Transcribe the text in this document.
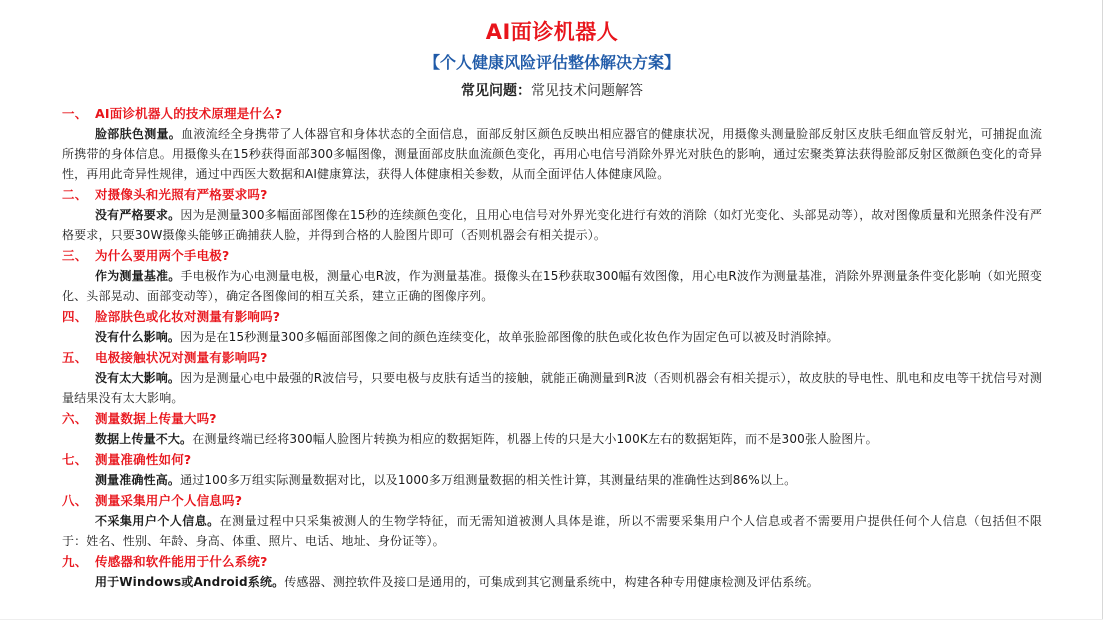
AI面诊机器人
【个人健康风险评估整体解决方案】
常见问题：常见技术问题解答
一、 AI面诊机器人的技术原理是什么?

脸部肤色测量。血液流经全身携带了人体器官和身体状态的全面信息，面部反射区颜色反映出相应器官的健康状况，用摄像头测量脸部反射区皮肤毛细血管反射光，可捕捉血流所携带的身体信息。用摄像头在15秒获得面部300多幅图像，测量面部皮肤血流颜色变化，再用心电信号消除外界光对肤色的影响，通过宏聚类算法获得脸部反射区微颜色变化的奇异性，再用此奇异性规律，通过中西医大数据和AI健康算法，获得人体健康相关参数，从而全面评估人体健康风险。

二、 对摄像头和光照有严格要求吗?

没有严格要求。因为是测量300多幅面部图像在15秒的连续颜色变化，且用心电信号对外界光变化进行有效的消除（如灯光变化、头部晃动等），故对图像质量和光照条件没有严格要求，只要30W摄像头能够正确捕获人脸，并得到合格的人脸图片即可（否则机器会有相关提示）。

三、 为什么要用两个手电极?

作为测量基准。手电极作为心电测量电极，测量心电R波，作为测量基准。摄像头在15秒获取300幅有效图像，用心电R波作为测量基准，消除外界测量条件变化影响（如光照变化、头部晃动、面部变动等），确定各图像间的相互关系，建立正确的图像序列。

四、 脸部肤色或化妆对测量有影响吗?

没有什么影响。因为是在15秒测量300多幅面部图像之间的颜色连续变化，故单张脸部图像的肤色或化妆色作为固定色可以被及时消除掉。

五、 电极接触状况对测量有影响吗?

没有太大影响。因为是测量心电中最强的R波信号，只要电极与皮肤有适当的接触，就能正确测量到R波（否则机器会有相关提示），故皮肤的导电性、肌电和皮电等干扰信号对测量结果没有太大影响。

六、 测量数据上传量大吗?

数据上传量不大。在测量终端已经将300幅人脸图片转换为相应的数据矩阵，机器上传的只是大小100K左右的数据矩阵，而不是300张人脸图片。

七、 测量准确性如何?

测量准确性高。通过100多万组实际测量数据对比，以及1000多万组测量数据的相关性计算，其测量结果的准确性达到86%以上。

八、 测量采集用户个人信息吗?

不采集用户个人信息。在测量过程中只采集被测人的生物学特征，而无需知道被测人具体是谁，所以不需要采集用户个人信息或者不需要用户提供任何个人信息（包括但不限于：姓名、性别、年龄、身高、体重、照片、电话、地址、身份证等）。

九、 传感器和软件能用于什么系统?

用于Windows或Android系统。传感器、测控软件及接口是通用的，可集成到其它测量系统中，构建各种专用健康检测及评估系统。
